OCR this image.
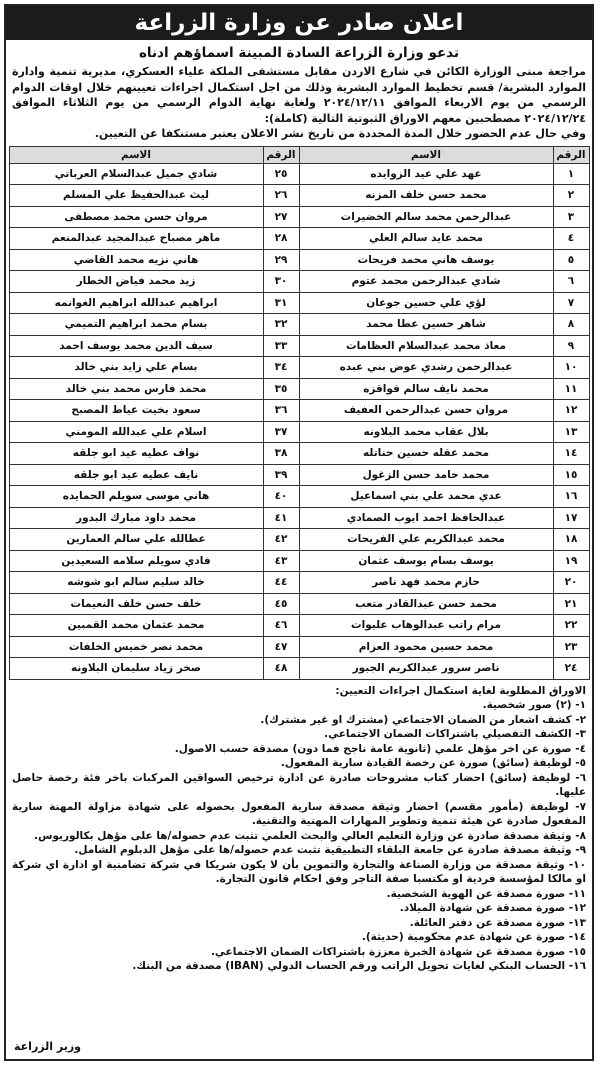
اعلان صادر عن وزارة الزراعة
تدعو وزارة الزراعة السادة المبينة اسماؤهم ادناه

مراجعة مبنى الوزارة الكائن في شارع الاردن مقابل مستشفى الملكة علياء العسكري، مديرية تنمية وادارة الموارد البشرية/ قسم تخطيط الموارد البشرية وذلك من اجل استكمال اجراءات تعيينهم خلال اوقات الدوام الرسمي من يوم الاربعاء الموافق ٢٠٢٤/١٢/١١ ولغاية نهاية الدوام الرسمي من يوم الثلاثاء الموافق ٢٠٢٤/١٢/٢٤ مصطحبين معهم الاوراق الثبوتية التالية (كاملة):

وفي حال عدم الحضور خلال المدة المحددة من تاريخ نشر الاعلان يعتبر مستنكفا عن التعيين.

الرقم	الاسم	الرقم	الاسم
١	عهد علي عيد الزوايده	٢٥	شادي جميل عبدالسلام العرباتي
٢	محمد حسن خلف المزنه	٢٦	ليث عبدالحفيظ علي المسلم
٣	عبدالرحمن محمد سالم الخضيرات	٢٧	مروان حسن محمد مصطفى
٤	محمد عايد سالم العلي	٢٨	ماهر مصباح عبدالمجيد عبدالمنعم
٥	يوسف هاني محمد فريحات	٢٩	هاني نزيه محمد القاضي
٦	شادي عبدالرحمن محمد عتوم	٣٠	زيد محمد فياض الخطار
٧	لؤي علي حسين جوعان	٣١	ابراهيم عبدالله ابراهيم الغوانمه
٨	شاهر حسين عطا محمد	٣٢	بسام محمد ابراهيم التميمي
٩	معاذ محمد عبدالسلام العظامات	٣٣	سيف الدين محمد يوسف احمد
١٠	عبدالرحمن رشدي عوض بني عبده	٣٤	بسام علي زايد بني خالد
١١	محمد نايف سالم قواقزه	٣٥	محمد فارس محمد بني خالد
١٢	مروان حسن عبدالرحمن العفيف	٣٦	سعود بخيت عياط المصبح
١٣	بلال عقاب محمد البلاونه	٣٧	اسلام علي عبدالله المومني
١٤	محمد عقله حسين حناتله	٣٨	نواف عطيه عيد ابو جلقه
١٥	محمد حامد حسن الزغول	٣٩	نايف عطيه عيد ابو جلقه
١٦	عدي محمد علي بني اسماعيل	٤٠	هاني موسى سويلم الحمايده
١٧	عبدالحافظ احمد ايوب الصمادي	٤١	محمد داود مبارك البدور
١٨	محمد عبدالكريم علي الفريحات	٤٢	عطالله علي سالم العمارين
١٩	يوسف بسام يوسف عثمان	٤٣	فادي سويلم سلامه السعيدين
٢٠	حازم محمد فهد ناصر	٤٤	خالد سليم سالم ابو شوشه
٢١	محمد حسن عبدالقادر متعب	٤٥	خلف حسن خلف النعيمات
٢٢	مرام راتب عبدالوهاب عليوات	٤٦	محمد عثمان محمد القمبين
٢٣	محمد حسين محمود العزام	٤٧	محمد نصر خميس الخلفات
٢٤	ناصر سرور عبدالكريم الجبور	٤٨	صخر زياد سليمان البلاونه

الاوراق المطلوبة لغاية استكمال اجراءات التعيين:

١- (٢) صور شخصية.

٢- كشف اشعار من الضمان الاجتماعي (مشترك او غير مشترك).

٣- الكشف التفصيلي باشتراكات الضمان الاجتماعي.

٤- صورة عن اخر مؤهل علمي (ثانوية عامة ناجح فما دون) مصدقة حسب الاصول.

٥- لوظيفة (سائق) صورة عن رخصة القيادة سارية المفعول.

٦- لوظيفة (سائق) احضار كتاب مشروحات صادرة عن ادارة ترخيص السواقين المركبات باخر فئة رخصة حاصل عليها.

٧- لوظيفة (مأمور مقسم) احضار وثيقة مصدقة سارية المفعول بحصوله على شهادة مزاولة المهنة سارية المفعول صادرة عن هيئة تنمية وتطوير المهارات المهنية والتقنية.

٨- وثيقة مصدقة صادرة عن وزارة التعليم العالي والبحث العلمي تثبت عدم حصوله/ها على مؤهل بكالوريوس.

٩- وثيقة مصدقة صادرة عن جامعة البلقاء التطبيقية تثبت عدم حصوله/ها على مؤهل الدبلوم الشامل.

١٠- وثيقة مصدقة من وزارة الصناعة والتجارة والتموين بأن لا يكون شريكا في شركة تضامنية او ادارة اي شركة او مالكا لمؤسسة فردية او مكتسبا صفة التاجر وفق احكام قانون التجارة.

١١- صورة مصدقة عن الهوية الشخصية.

١٢- صورة مصدقة عن شهادة الميلاد.

١٣- صورة مصدقة عن دفتر العائلة.

١٤- صورة عن شهادة عدم محكومية (حديثة).

١٥- صورة مصدقة عن شهادة الخبرة معززة باشتراكات الضمان الاجتماعي.

١٦- الحساب البنكي لغايات تحويل الراتب ورقم الحساب الدولي (IBAN) مصدقة من البنك.

وزير الزراعة
